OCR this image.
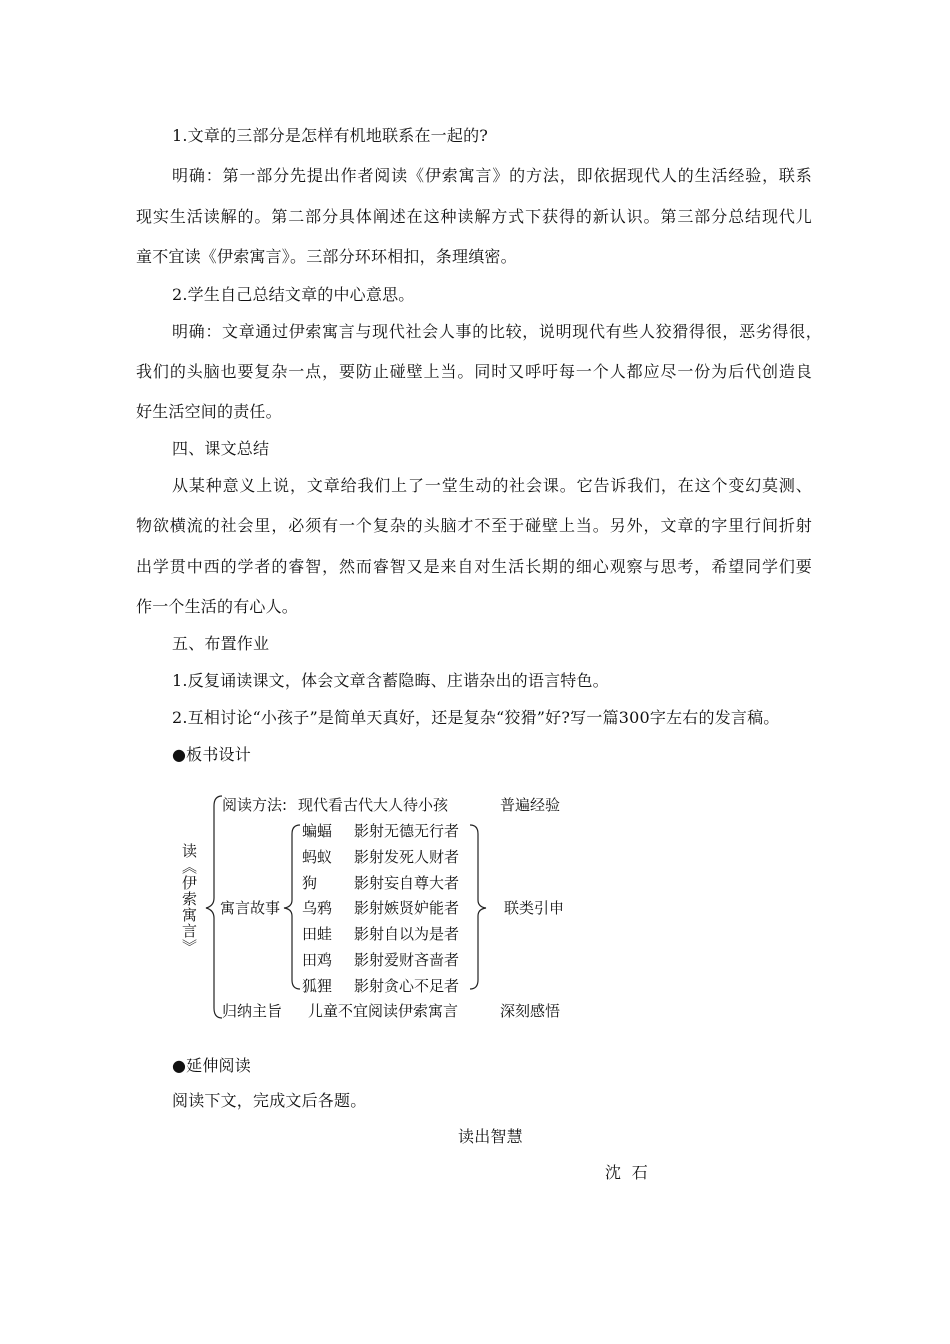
1.文章的三部分是怎样有机地联系在一起的?
明确：第一部分先提出作者阅读《伊索寓言》的方法，即依据现代人的生活经验，联系
现实生活读解的。第二部分具体阐述在这种读解方式下获得的新认识。第三部分总结现代儿
童不宜读《伊索寓言》。三部分环环相扣，条理缜密。
2.学生自己总结文章的中心意思。
明确：文章通过伊索寓言与现代社会人事的比较，说明现代有些人狡猾得很，恶劣得很，
我们的头脑也要复杂一点，要防止碰壁上当。同时又呼吁每一个人都应尽一份为后代创造良
好生活空间的责任。
四、课文总结
从某种意义上说，文章给我们上了一堂生动的社会课。它告诉我们，在这个变幻莫测、
物欲横流的社会里，必须有一个复杂的头脑才不至于碰壁上当。另外，文章的字里行间折射
出学贯中西的学者的睿智，然而睿智又是来自对生活长期的细心观察与思考，希望同学们要
作一个生活的有心人。
五、布置作业
1.反复诵读课文，体会文章含蓄隐晦、庄谐杂出的语言特色。
2.互相讨论“小孩子”是简单天真好，还是复杂“狡猾”好?写一篇300字左右的发言稿。
●板书设计
读《伊索寓言》
阅读方法: 现代看古代大人待小孩	普遍经验
寓言故事
蝙蝠
蚂蚁
狗
乌鸦
田蛙
田鸡
狐狸
影射无德无行者
影射发死人财者
影射妄自尊大者
影射嫉贤妒能者
影射自以为是者
影射爱财吝啬者
影射贪心不足者
联类引申
归纳主旨 儿童不宜阅读伊索寓言	深刻感悟
●延伸阅读
阅读下文，完成文后各题。
读出智慧
沈  石
